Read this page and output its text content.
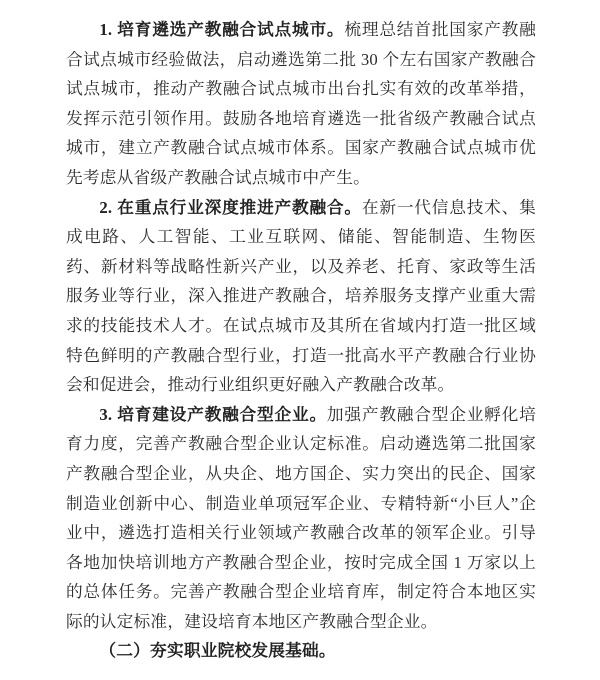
1. 培育遴选产教融合试点城市。梳理总结首批国家产教融合试点城市经验做法，启动遴选第二批 30 个左右国家产教融合试点城市，推动产教融合试点城市出台扎实有效的改革举措，发挥示范引领作用。鼓励各地培育遴选一批省级产教融合试点城市，建立产教融合试点城市体系。国家产教融合试点城市优先考虑从省级产教融合试点城市中产生。

2. 在重点行业深度推进产教融合。在新一代信息技术、集成电路、人工智能、工业互联网、储能、智能制造、生物医药、新材料等战略性新兴产业，以及养老、托育、家政等生活服务业等行业，深入推进产教融合，培养服务支撑产业重大需求的技能技术人才。在试点城市及其所在省域内打造一批区域特色鲜明的产教融合型行业，打造一批高水平产教融合行业协会和促进会，推动行业组织更好融入产教融合改革。

3. 培育建设产教融合型企业。加强产教融合型企业孵化培育力度，完善产教融合型企业认定标准。启动遴选第二批国家产教融合型企业，从央企、地方国企、实力突出的民企、国家制造业创新中心、制造业单项冠军企业、专精特新“小巨人”企业中，遴选打造相关行业领域产教融合改革的领军企业。引导各地加快培训地方产教融合型企业，按时完成全国 1 万家以上的总体任务。完善产教融合型企业培育库，制定符合本地区实际的认定标准，建设培育本地区产教融合型企业。

（二）夯实职业院校发展基础。
